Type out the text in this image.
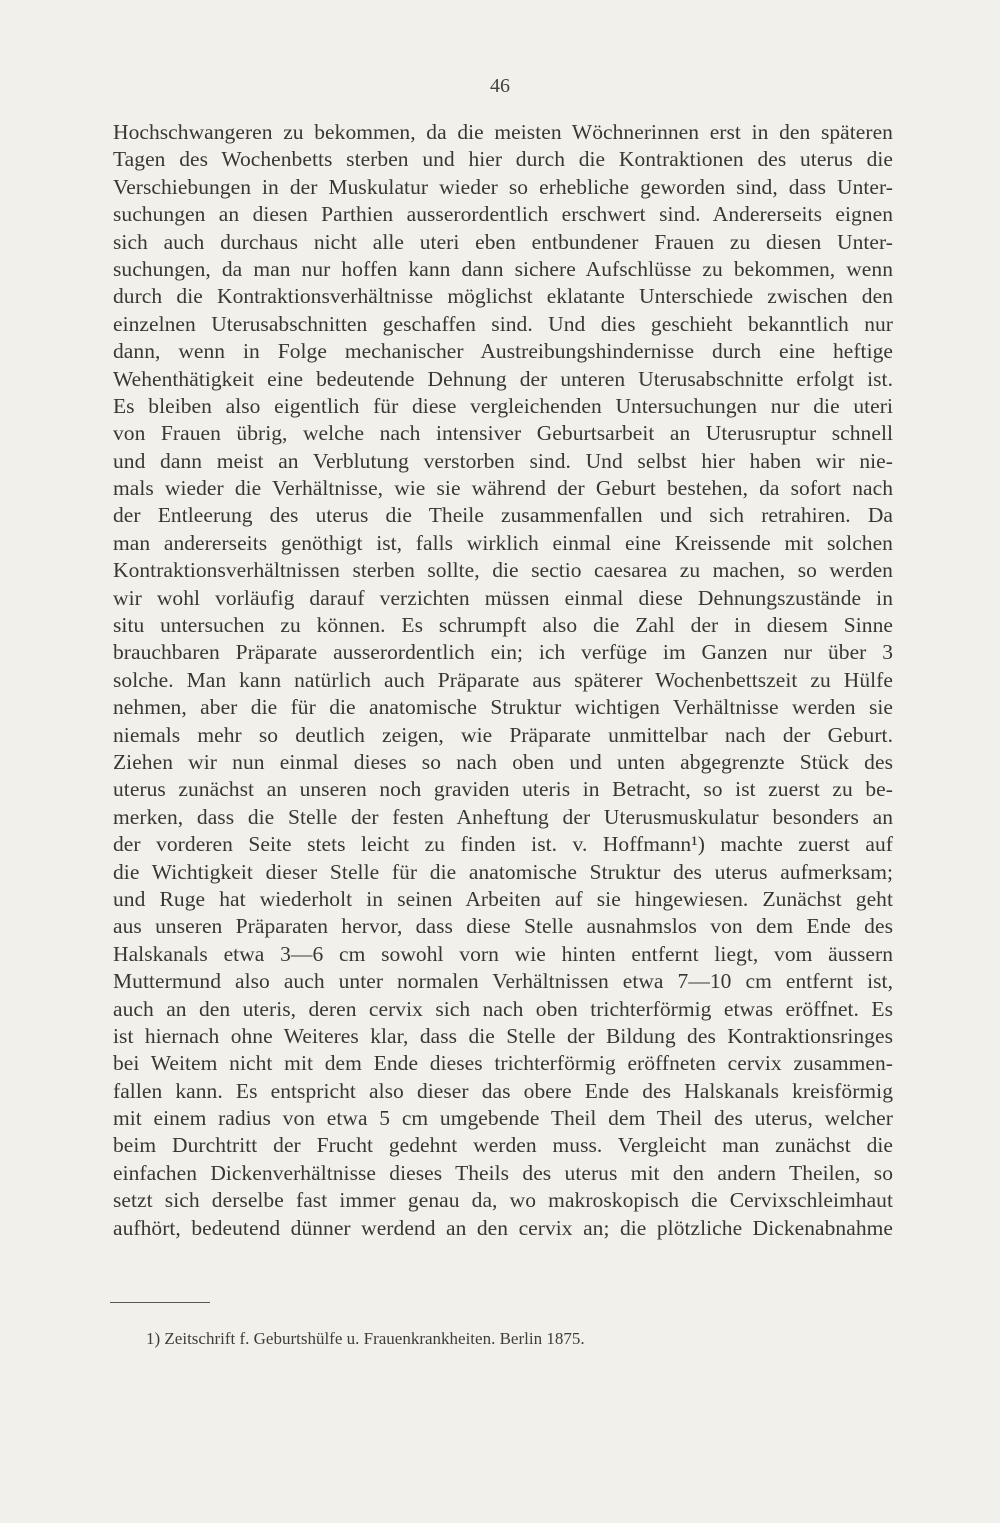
46
Hochschwangeren zu bekommen, da die meisten Wöchnerinnen erst in den späteren
Tagen des Wochenbetts sterben und hier durch die Kontraktionen des uterus die
Verschiebungen in der Muskulatur wieder so erhebliche geworden sind, dass Unter-
suchungen an diesen Parthien ausserordentlich erschwert sind. Andererseits eignen
sich auch durchaus nicht alle uteri eben entbundener Frauen zu diesen Unter-
suchungen, da man nur hoffen kann dann sichere Aufschlüsse zu bekommen, wenn
durch die Kontraktionsverhältnisse möglichst eklatante Unterschiede zwischen den
einzelnen Uterusabschnitten geschaffen sind. Und dies geschieht bekanntlich nur
dann, wenn in Folge mechanischer Austreibungshindernisse durch eine heftige
Wehenthätigkeit eine bedeutende Dehnung der unteren Uterusabschnitte erfolgt ist.
Es bleiben also eigentlich für diese vergleichenden Untersuchungen nur die uteri
von Frauen übrig, welche nach intensiver Geburtsarbeit an Uterusruptur schnell
und dann meist an Verblutung verstorben sind. Und selbst hier haben wir nie-
mals wieder die Verhältnisse, wie sie während der Geburt bestehen, da sofort nach
der Entleerung des uterus die Theile zusammenfallen und sich retrahiren. Da
man andererseits genöthigt ist, falls wirklich einmal eine Kreissende mit solchen
Kontraktionsverhältnissen sterben sollte, die sectio caesarea zu machen, so werden
wir wohl vorläufig darauf verzichten müssen einmal diese Dehnungszustände in
situ untersuchen zu können. Es schrumpft also die Zahl der in diesem Sinne
brauchbaren Präparate ausserordentlich ein; ich verfüge im Ganzen nur über 3
solche. Man kann natürlich auch Präparate aus späterer Wochenbettszeit zu Hülfe
nehmen, aber die für die anatomische Struktur wichtigen Verhältnisse werden sie
niemals mehr so deutlich zeigen, wie Präparate unmittelbar nach der Geburt.
Ziehen wir nun einmal dieses so nach oben und unten abgegrenzte Stück des
uterus zunächst an unseren noch graviden uteris in Betracht, so ist zuerst zu be-
merken, dass die Stelle der festen Anheftung der Uterusmuskulatur besonders an
der vorderen Seite stets leicht zu finden ist. v. Hoffmann¹) machte zuerst auf
die Wichtigkeit dieser Stelle für die anatomische Struktur des uterus aufmerksam;
und Ruge hat wiederholt in seinen Arbeiten auf sie hingewiesen. Zunächst geht
aus unseren Präparaten hervor, dass diese Stelle ausnahmslos von dem Ende des
Halskanals etwa 3—6 cm sowohl vorn wie hinten entfernt liegt, vom äussern
Muttermund also auch unter normalen Verhältnissen etwa 7—10 cm entfernt ist,
auch an den uteris, deren cervix sich nach oben trichterförmig etwas eröffnet. Es
ist hiernach ohne Weiteres klar, dass die Stelle der Bildung des Kontraktionsringes
bei Weitem nicht mit dem Ende dieses trichterförmig eröffneten cervix zusammen-
fallen kann. Es entspricht also dieser das obere Ende des Halskanals kreisförmig
mit einem radius von etwa 5 cm umgebende Theil dem Theil des uterus, welcher
beim Durchtritt der Frucht gedehnt werden muss. Vergleicht man zunächst die
einfachen Dickenverhältnisse dieses Theils des uterus mit den andern Theilen, so
setzt sich derselbe fast immer genau da, wo makroskopisch die Cervixschleimhaut
aufhört, bedeutend dünner werdend an den cervix an; die plötzliche Dickenabnahme
1) Zeitschrift f. Geburtshülfe u. Frauenkrankheiten. Berlin 1875.
